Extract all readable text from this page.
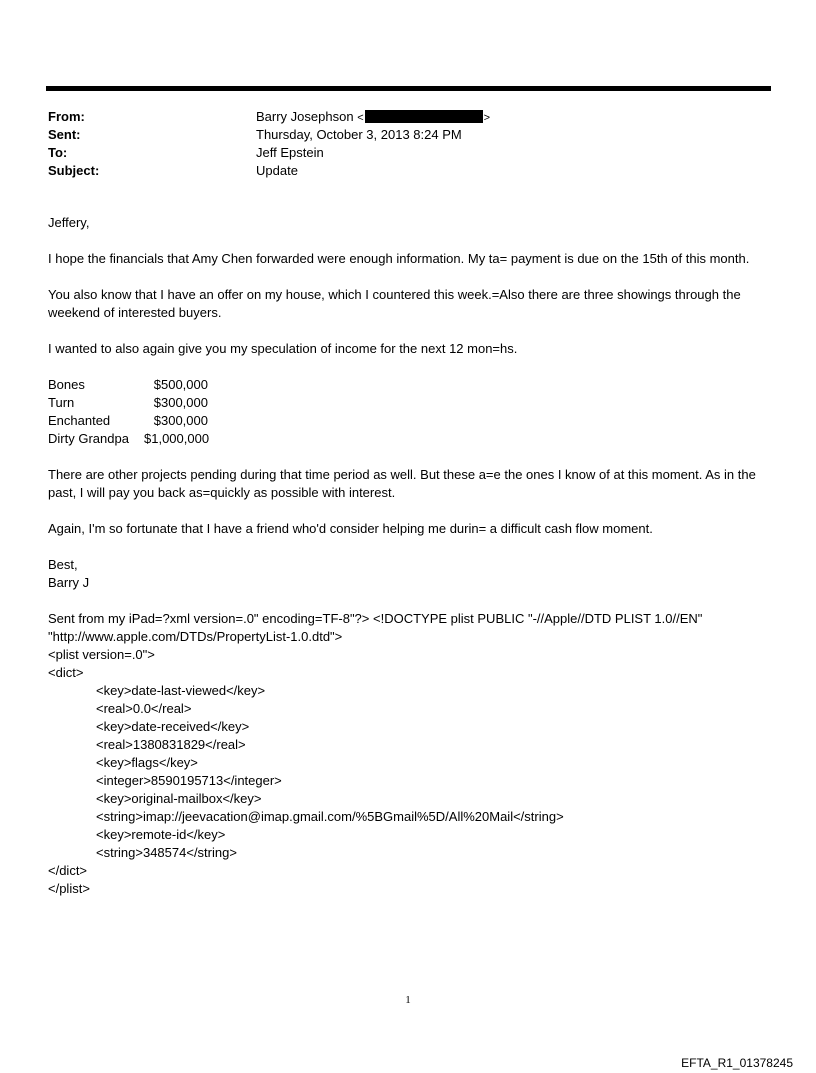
From:	Barry Josephson <	>
Sent:	Thursday, October 3, 2013 8:24 PM
To:	Jeff Epstein
Subject:	Update

Jeffery,

I hope the financials that Amy Chen forwarded were enough information. My ta= payment is due on the 15th of this month.

You also know that I have an offer on my house, which I countered this week.=Also there are three showings through the weekend of interested buyers.

I wanted to also again give you my speculation of income for the next 12 mon=hs.

Bones	$500,000
Turn	$300,000
Enchanted	$300,000
Dirty Grandpa $1,000,000

There are other projects pending during that time period as well. But these a=e the ones I know of at this moment. As in the past, I will pay you back as=quickly as possible with interest.

Again, I'm so fortunate that I have a friend who'd consider helping me durin= a difficult cash flow moment.

Best,

Barry J

Sent from my iPad=?xml version=.0" encoding=TF-8"?> <!DOCTYPE plist PUBLIC "-//Apple//DTD PLIST 1.0//EN" "http://www.apple.com/DTDs/PropertyList-1.0.dtd">

<plist version=.0">

<dict>

<key>date-last-viewed</key>

<real>0.0</real>

<key>date-received</key>

<real>1380831829</real>

<key>flags</key>

<integer>8590195713</integer>

<key>original-mailbox</key>

<string>imap://jeevacation@imap.gmail.com/%5BGmail%5D/All%20Mail</string>

<key>remote-id</key>

<string>348574</string>

</dict>

</plist>

1
EFTA_R1_01378245
